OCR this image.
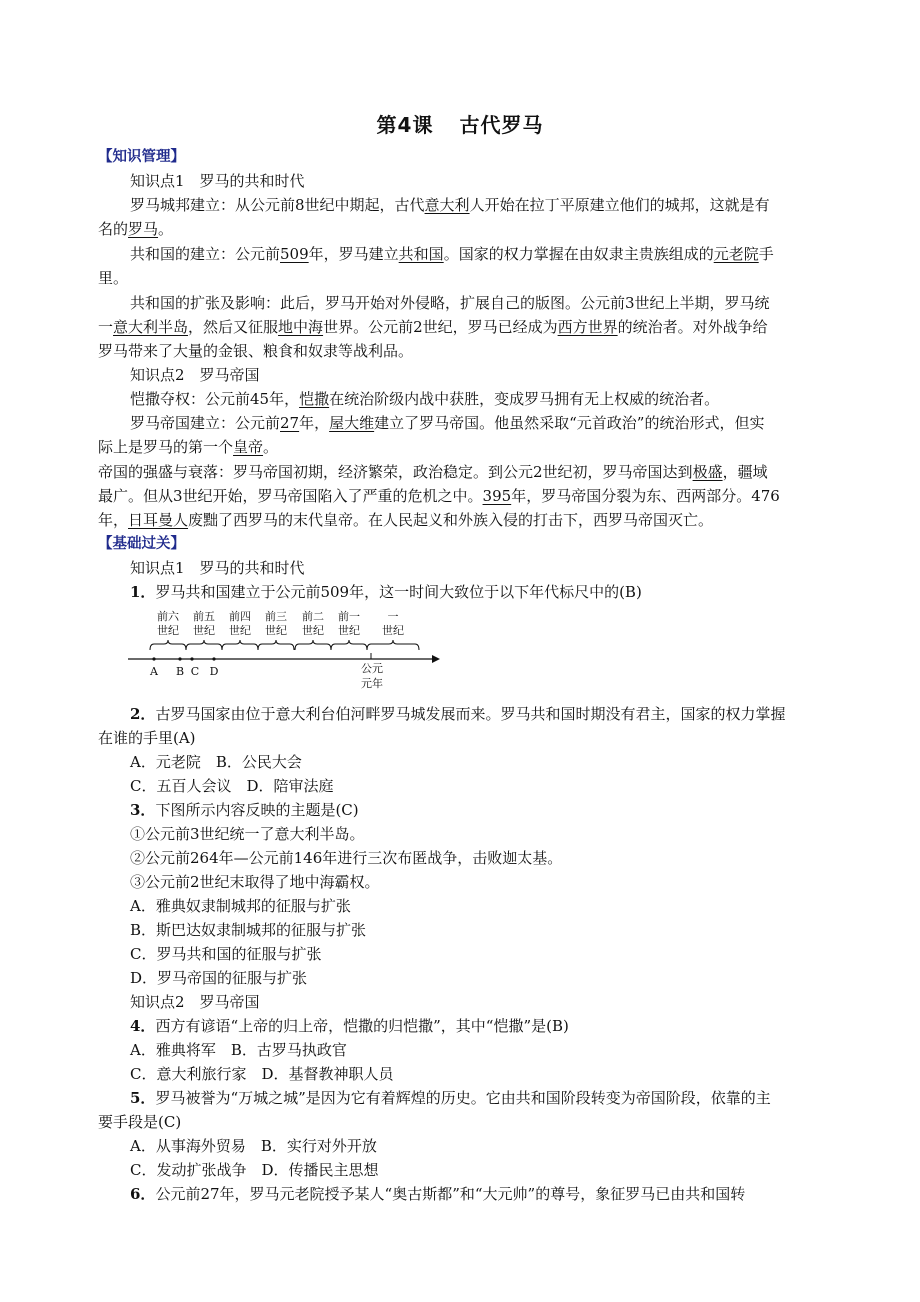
第4课 古代罗马
【知识管理】
知识点1　罗马的共和时代
罗马城邦建立：从公元前8世纪中期起，古代意大利人开始在拉丁平原建立他们的城邦，这就是有
名的罗马。
共和国的建立：公元前509年，罗马建立共和国。国家的权力掌握在由奴隶主贵族组成的元老院手
里。
共和国的扩张及影响：此后，罗马开始对外侵略，扩展自己的版图。公元前3世纪上半期，罗马统
一意大利半岛，然后又征服地中海世界。公元前2世纪，罗马已经成为西方世界的统治者。对外战争给
罗马带来了大量的金银、粮食和奴隶等战利品。
知识点2　罗马帝国
恺撒夺权：公元前45年，恺撒在统治阶级内战中获胜，变成罗马拥有无上权威的统治者。
罗马帝国建立：公元前27年，屋大维建立了罗马帝国。他虽然采取“元首政治”的统治形式，但实
际上是罗马的第一个皇帝。
帝国的强盛与衰落：罗马帝国初期，经济繁荣，政治稳定。到公元2世纪初，罗马帝国达到极盛，疆域
最广。但从3世纪开始，罗马帝国陷入了严重的危机之中。395年，罗马帝国分裂为东、西两部分。476
年，日耳曼人废黜了西罗马的末代皇帝。在人民起义和外族入侵的打击下，西罗马帝国灭亡。
【基础过关】
知识点1　罗马的共和时代
1．罗马共和国建立于公元前509年，这一时间大致位于以下年代标尺中的(B)
前六
世纪
前五
世纪
前四
世纪
前三
世纪
前二
世纪
前一
世纪
一
世纪
A B C D	公元
元年
2．古罗马国家由位于意大利台伯河畔罗马城发展而来。罗马共和国时期没有君主，国家的权力掌握
在谁的手里(A)
A．元老院　B．公民大会
C．五百人会议　D．陪审法庭
3．下图所示内容反映的主题是(C)
①公元前3世纪统一了意大利半岛。
②公元前264年—公元前146年进行三次布匿战争，击败迦太基。
③公元前2世纪末取得了地中海霸权。
A．雅典奴隶制城邦的征服与扩张
B．斯巴达奴隶制城邦的征服与扩张
C．罗马共和国的征服与扩张
D．罗马帝国的征服与扩张
知识点2　罗马帝国
4．西方有谚语“上帝的归上帝，恺撒的归恺撒”，其中“恺撒”是(B)
A．雅典将军　B．古罗马执政官
C．意大利旅行家　D．基督教神职人员
5．罗马被誉为“万城之城”是因为它有着辉煌的历史。它由共和国阶段转变为帝国阶段，依靠的主
要手段是(C)
A．从事海外贸易　B．实行对外开放
C．发动扩张战争　D．传播民主思想
6．公元前27年，罗马元老院授予某人“奥古斯都”和“大元帅”的尊号，象征罗马已由共和国转
